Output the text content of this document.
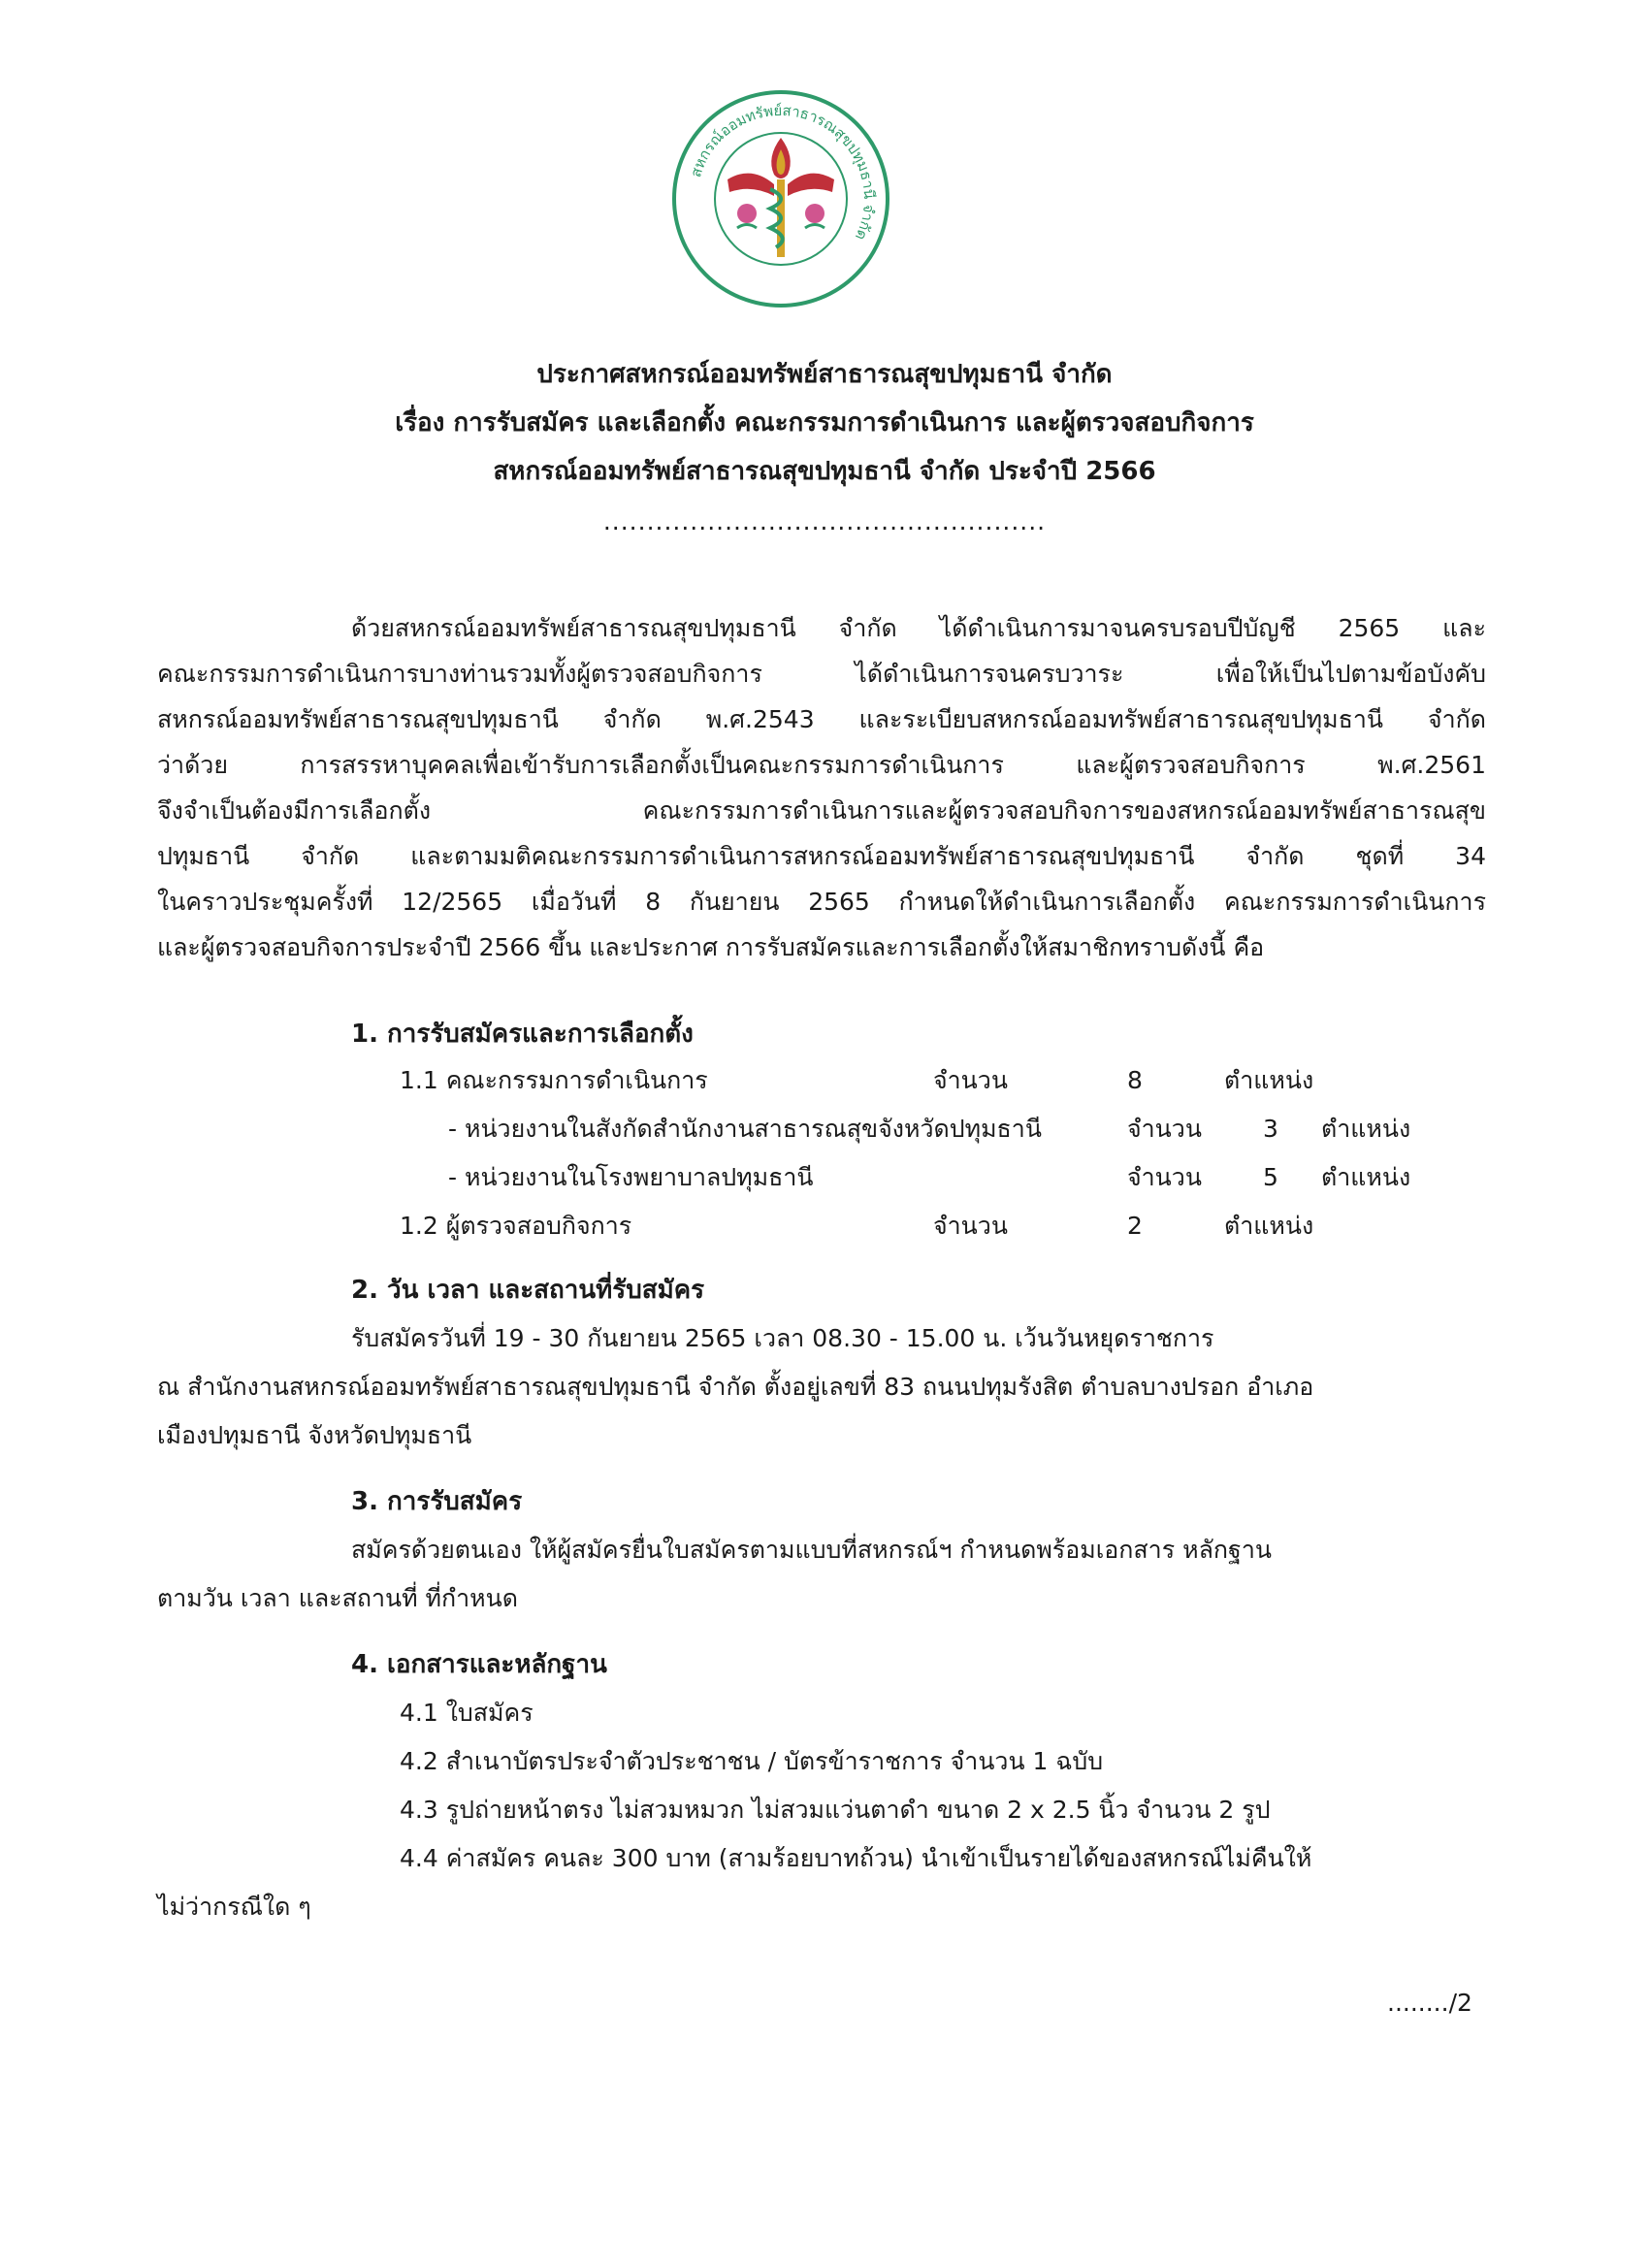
สหกรณ์ออมทรัพย์สาธารณสุขปทุมธานี จำกัด
ประกาศสหกรณ์ออมทรัพย์สาธารณสุขปทุมธานี จำกัด
เรื่อง การรับสมัคร และเลือกตั้ง คณะกรรมการดำเนินการ และผู้ตรวจสอบกิจการ
สหกรณ์ออมทรัพย์สาธารณสุขปทุมธานี จำกัด ประจำปี 2566
...................................................
ด้วยสหกรณ์ออมทรัพย์สาธารณสุขปทุมธานี จำกัด ได้ดำเนินการมาจนครบรอบปีบัญชี 2565 และ
คณะกรรมการดำเนินการบางท่านรวมทั้งผู้ตรวจสอบกิจการ ได้ดำเนินการจนครบวาระ เพื่อให้เป็นไปตามข้อบังคับ
สหกรณ์ออมทรัพย์สาธารณสุขปทุมธานี จำกัด พ.ศ.2543 และระเบียบสหกรณ์ออมทรัพย์สาธารณสุขปทุมธานี จำกัด
ว่าด้วย การสรรหาบุคคลเพื่อเข้ารับการเลือกตั้งเป็นคณะกรรมการดำเนินการ และผู้ตรวจสอบกิจการ พ.ศ.2561
จึงจำเป็นต้องมีการเลือกตั้ง คณะกรรมการดำเนินการและผู้ตรวจสอบกิจการของสหกรณ์ออมทรัพย์สาธารณสุข
ปทุมธานี จำกัด และตามมติคณะกรรมการดำเนินการสหกรณ์ออมทรัพย์สาธารณสุขปทุมธานี จำกัด ชุดที่ 34
ในคราวประชุมครั้งที่ 12/2565 เมื่อวันที่ 8 กันยายน 2565 กำหนดให้ดำเนินการเลือกตั้ง คณะกรรมการดำเนินการ
และผู้ตรวจสอบกิจการประจำปี 2566 ขึ้น และประกาศ การรับสมัครและการเลือกตั้งให้สมาชิกทราบดังนี้ คือ
1. การรับสมัครและการเลือกตั้ง
1.1 คณะกรรมการดำเนินการ	จำนวน	8	ตำแหน่ง
- หน่วยงานในสังกัดสำนักงานสาธารณสุขจังหวัดปทุมธานี	จำนวน	3 ตำแหน่ง
- หน่วยงานในโรงพยาบาลปทุมธานี	จำนวน	5 ตำแหน่ง
1.2 ผู้ตรวจสอบกิจการ	จำนวน	2	ตำแหน่ง
2. วัน เวลา และสถานที่รับสมัคร
รับสมัครวันที่ 19 - 30 กันยายน 2565 เวลา 08.30 - 15.00 น. เว้นวันหยุดราชการ
ณ สำนักงานสหกรณ์ออมทรัพย์สาธารณสุขปทุมธานี จำกัด ตั้งอยู่เลขที่ 83 ถนนปทุมรังสิต ตำบลบางปรอก อำเภอ
เมืองปทุมธานี จังหวัดปทุมธานี
3. การรับสมัคร
สมัครด้วยตนเอง ให้ผู้สมัครยื่นใบสมัครตามแบบที่สหกรณ์ฯ กำหนดพร้อมเอกสาร หลักฐาน
ตามวัน เวลา และสถานที่ ที่กำหนด
4. เอกสารและหลักฐาน
4.1 ใบสมัคร
4.2 สำเนาบัตรประจำตัวประชาชน / บัตรข้าราชการ จำนวน 1 ฉบับ
4.3 รูปถ่ายหน้าตรง ไม่สวมหมวก ไม่สวมแว่นตาดำ ขนาด 2 x 2.5 นิ้ว จำนวน 2 รูป
4.4 ค่าสมัคร คนละ 300 บาท (สามร้อยบาทถ้วน) นำเข้าเป็นรายได้ของสหกรณ์ไม่คืนให้
ไม่ว่ากรณีใด ๆ
......../2
